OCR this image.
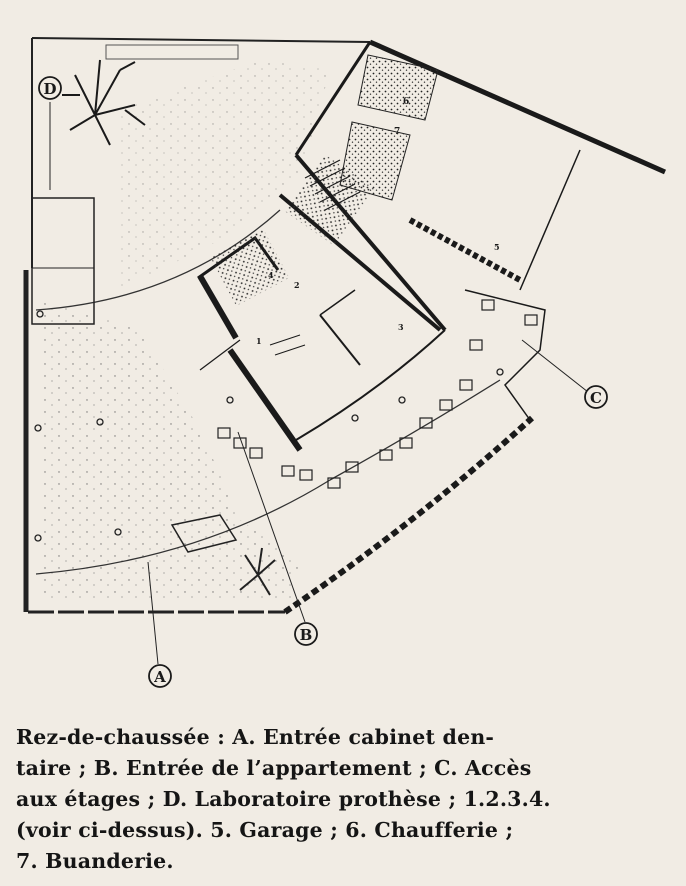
D
A
B
C
1
2
3
4
5
6
7

Rez-de-chaussée : A. Entrée cabinet den-
taire ; B. Entrée de l’appartement ; C. Accès
aux étages ; D. Laboratoire prothèse ; 1.2.3.4.
(voir ci-dessus). 5. Garage ; 6. Chaufferie ;
7. Buanderie.
